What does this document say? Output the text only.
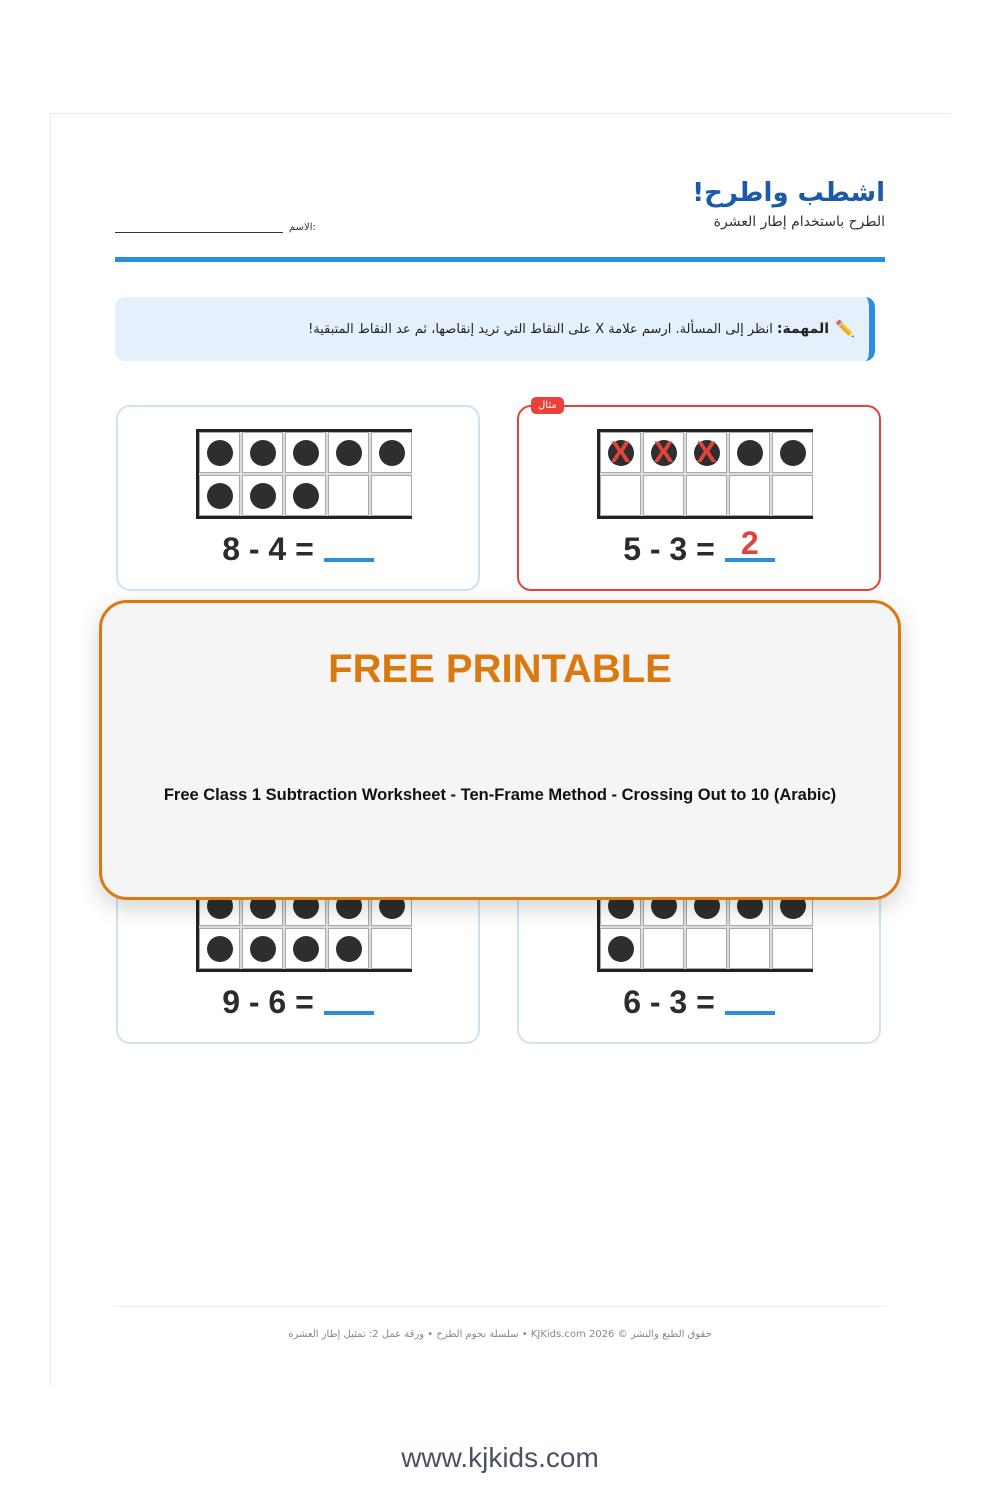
اشطب واطرح!
الطرح باستخدام إطار العشرة
الاسم:
✏️
المهمة:
انظر إلى المسألة. ارسم علامة X على النقاط التي تريد إنقاصها، ثم عد النقاط المتبقية!
8 - 4 =
مثال
X X X
5 - 3 = 2
9 - 6 =	6 - 3 =
حقوق الطبع والنشر © 2026 KJKids.com • سلسلة نجوم الطرح • ورقة عمل 2: تمثيل إطار العشرة
FREE PRINTABLE
Free Class 1 Subtraction Worksheet - Ten-Frame Method - Crossing Out to 10 (Arabic)
www.kjkids.com
